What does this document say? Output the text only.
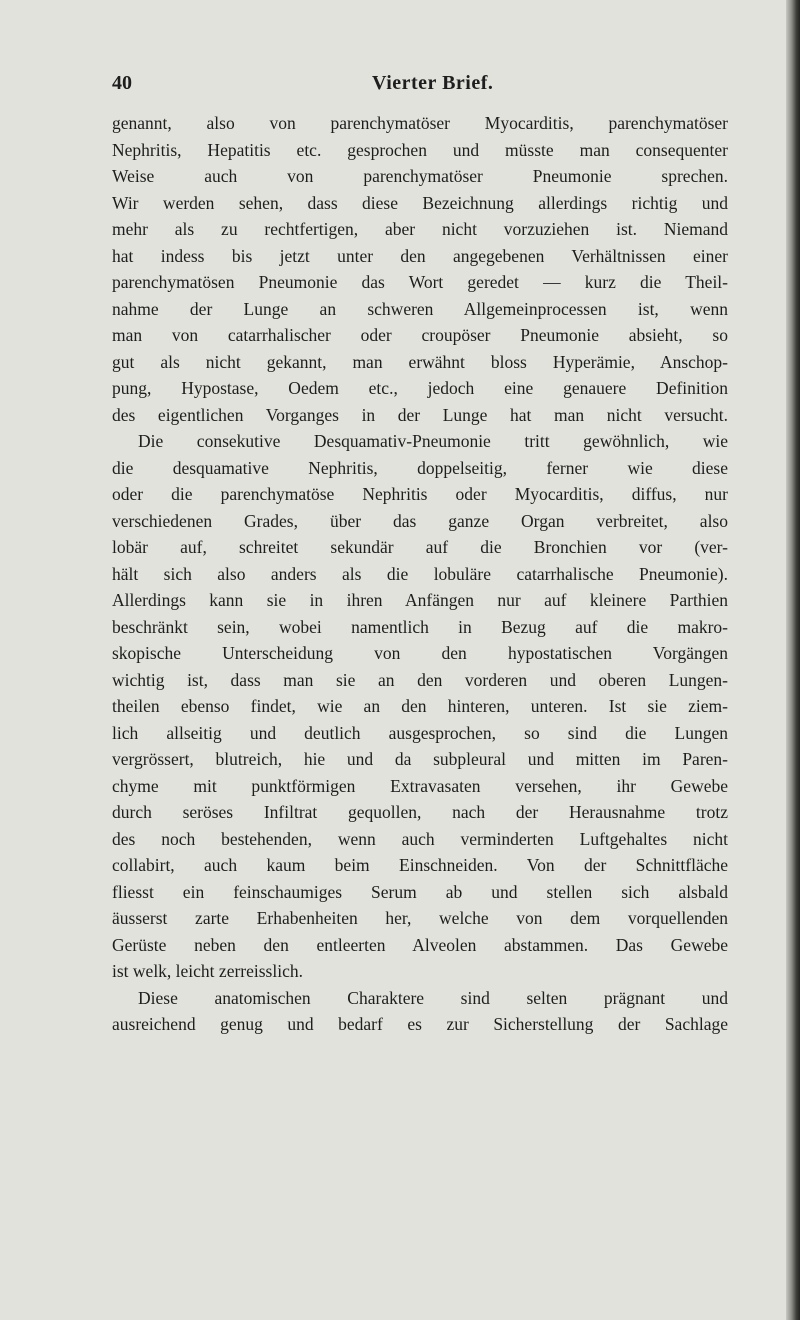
40	Vierter Brief.
genannt, also von parenchymatöser Myocarditis, parenchymatöser
Nephritis, Hepatitis etc. gesprochen und müsste man consequenter
Weise auch von parenchymatöser Pneumonie sprechen.
Wir werden sehen, dass diese Bezeichnung allerdings richtig und
mehr als zu rechtfertigen, aber nicht vorzuziehen ist. Niemand
hat indess bis jetzt unter den angegebenen Verhältnissen einer
parenchymatösen Pneumonie das Wort geredet — kurz die Theil-
nahme der Lunge an schweren Allgemeinprocessen ist, wenn
man von catarrhalischer oder croupöser Pneumonie absieht, so
gut als nicht gekannt, man erwähnt bloss Hyperämie, Anschop-
pung, Hypostase, Oedem etc., jedoch eine genauere Definition
des eigentlichen Vorganges in der Lunge hat man nicht versucht.
Die consekutive Desquamativ-Pneumonie tritt gewöhnlich, wie
die desquamative Nephritis, doppelseitig, ferner wie diese
oder die parenchymatöse Nephritis oder Myocarditis, diffus, nur
verschiedenen Grades, über das ganze Organ verbreitet, also
lobär auf, schreitet sekundär auf die Bronchien vor (ver-
hält sich also anders als die lobuläre catarrhalische Pneumonie).
Allerdings kann sie in ihren Anfängen nur auf kleinere Parthien
beschränkt sein, wobei namentlich in Bezug auf die makro-
skopische Unterscheidung von den hypostatischen Vorgängen
wichtig ist, dass man sie an den vorderen und oberen Lungen-
theilen ebenso findet, wie an den hinteren, unteren. Ist sie ziem-
lich allseitig und deutlich ausgesprochen, so sind die Lungen
vergrössert, blutreich, hie und da subpleural und mitten im Paren-
chyme mit punktförmigen Extravasaten versehen, ihr Gewebe
durch seröses Infiltrat gequollen, nach der Herausnahme trotz
des noch bestehenden, wenn auch verminderten Luftgehaltes nicht
collabirt, auch kaum beim Einschneiden. Von der Schnittfläche
fliesst ein feinschaumiges Serum ab und stellen sich alsbald
äusserst zarte Erhabenheiten her, welche von dem vorquellenden
Gerüste neben den entleerten Alveolen abstammen. Das Gewebe
ist welk, leicht zerreisslich.
Diese anatomischen Charaktere sind selten prägnant und
ausreichend genug und bedarf es zur Sicherstellung der Sachlage
